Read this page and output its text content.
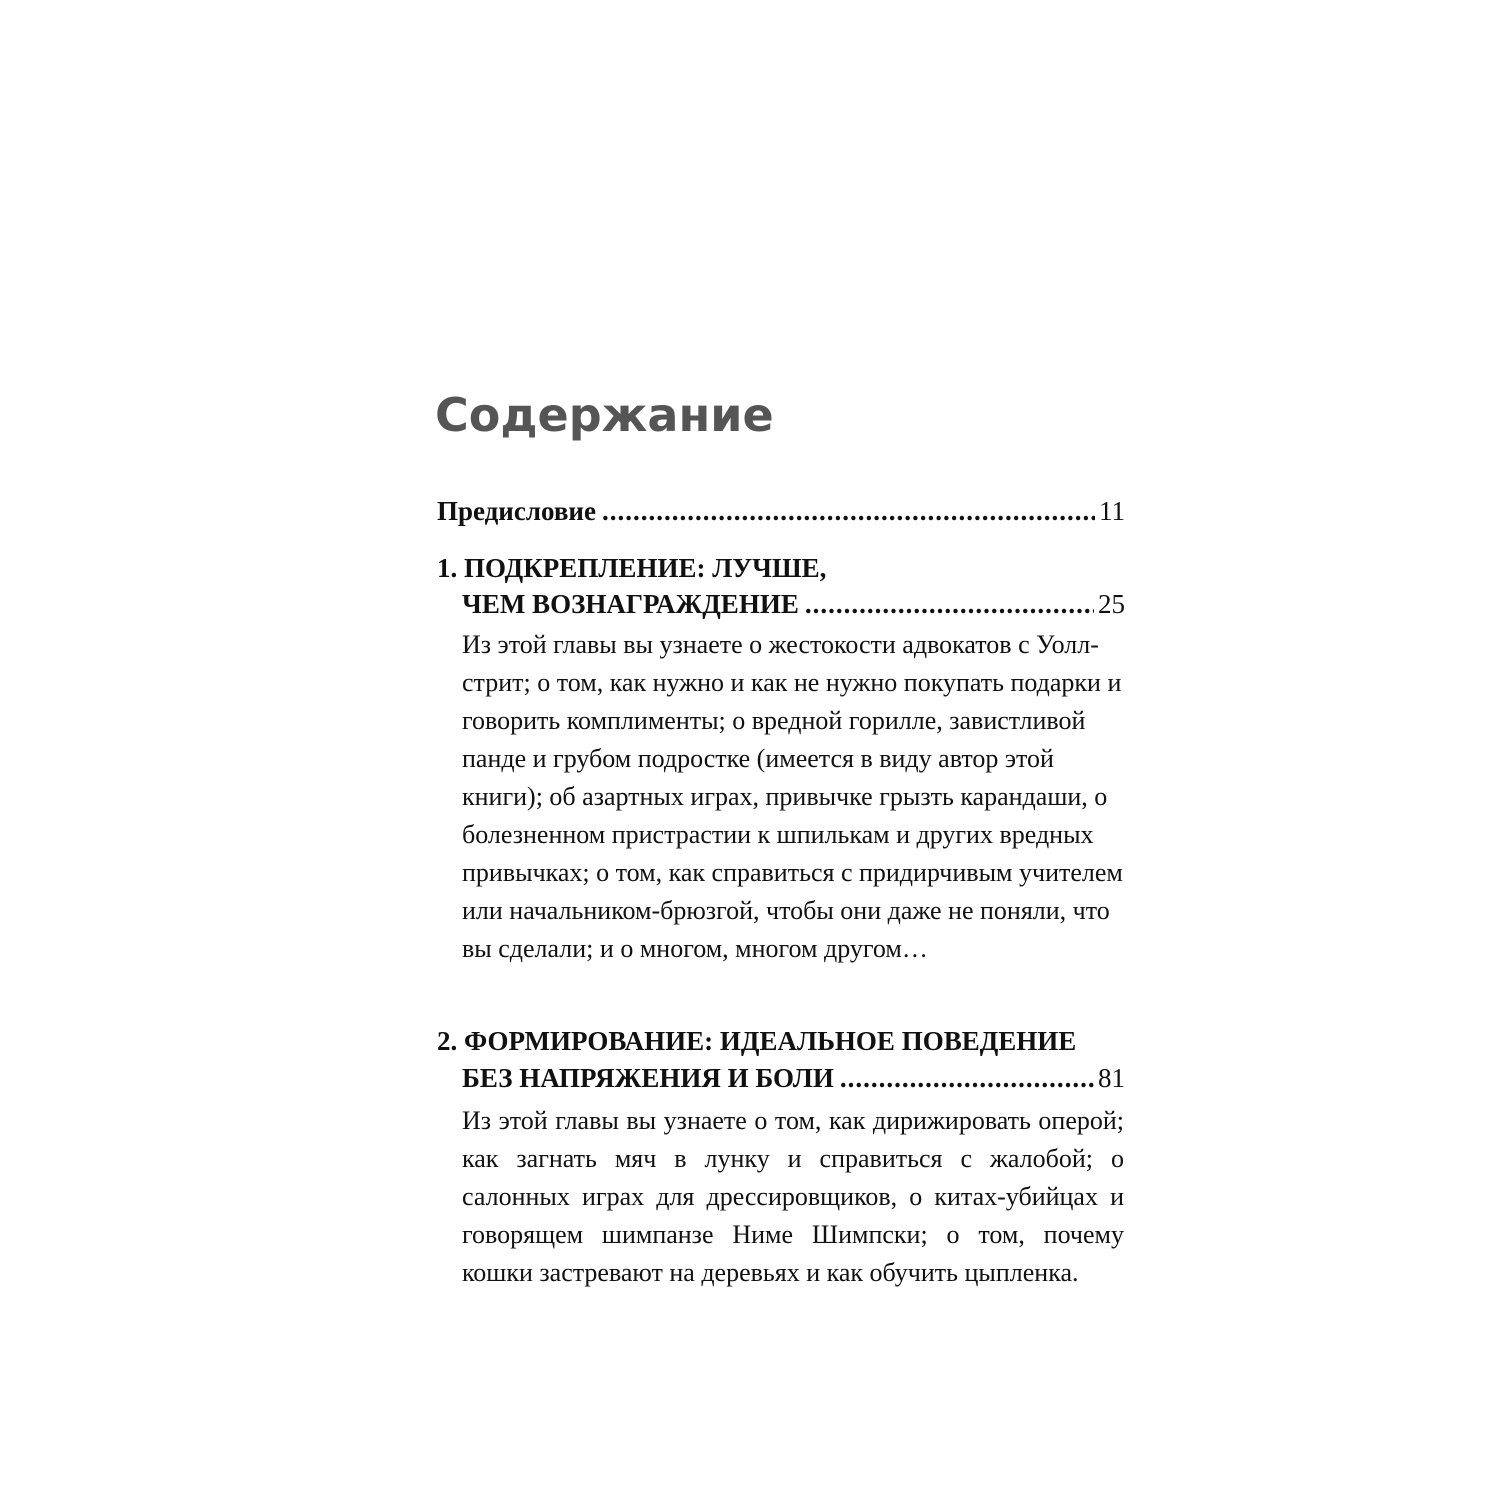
Содержание
Предисловие .....	11
1. ПОДКРЕПЛЕНИЕ: ЛУЧШЕ,
ЧЕМ ВОЗНАГРАЖДЕНИЕ .....	25

Из этой главы вы узнаете о жестокости адвокатов с Уолл-стрит; о том, как нужно и как не нужно покупать подарки и говорить комплименты; о вредной горилле, завистливой панде и грубом подростке (имеется в виду автор этой книги); об азартных играх, привычке грызть карандаши, о болезненном пристрастии к шпилькам и других вредных привычках; о том, как справиться с придирчивым учителем или начальником-брюзгой, чтобы они даже не поняли, что вы сделали; и о многом, многом другом…

2. ФОРМИРОВАНИЕ: ИДЕАЛЬНОЕ ПОВЕДЕНИЕ
БЕЗ НАПРЯЖЕНИЯ И БОЛИ .....	81

Из этой главы вы узнаете о том, как дирижировать оперой; как загнать мяч в лунку и справиться с жалобой; о салонных играх для дрессировщиков, о китах-убийцах и говорящем шимпанзе Ниме Шимпски; о том, почему кошки застревают на деревьях и как обучить цыпленка.
